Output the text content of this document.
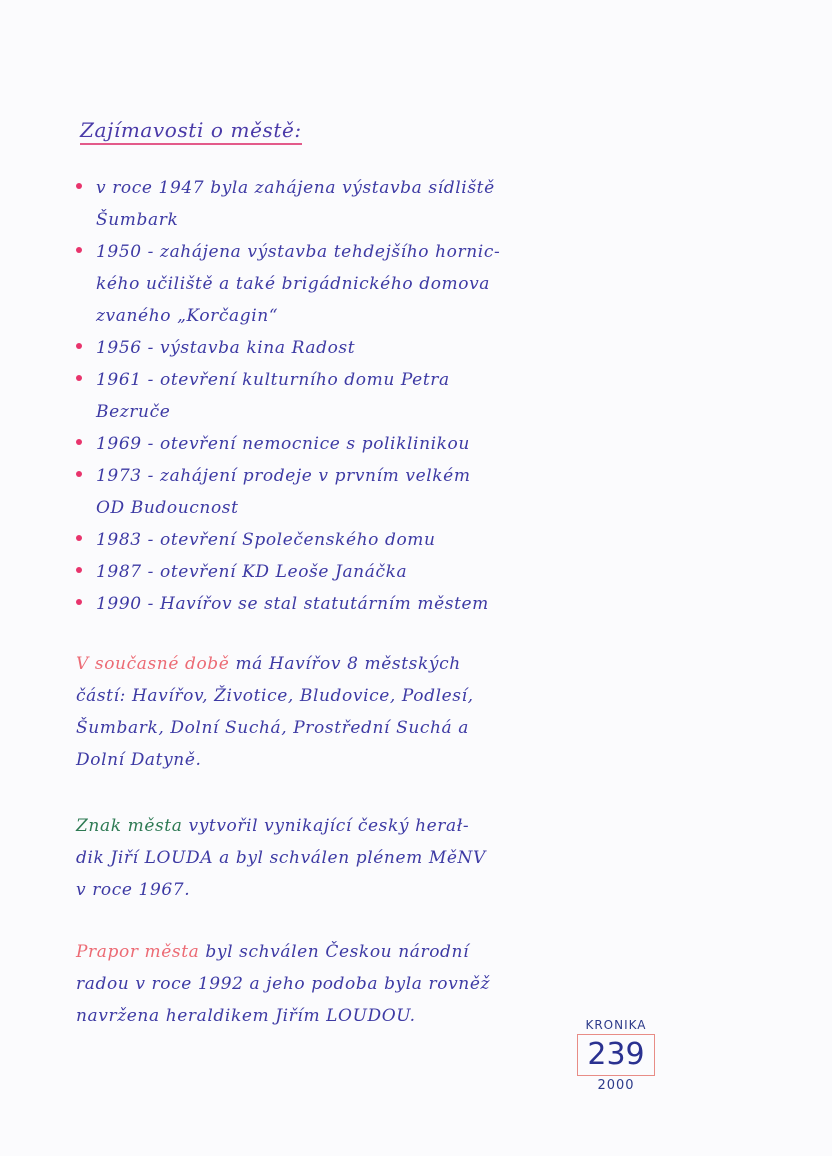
Zajímavosti o městě:
v roce 1947 byla zahájena výstavba sídliště
Šumbark
1950 - zahájena výstavba tehdejšího hornic-
kého učiliště a také brigádnického domova
zvaného „Korčagin“
1956 - výstavba kina Radost
1961 - otevření kulturního domu Petra
Bezruče
1969 - otevření nemocnice s poliklinikou
1973 - zahájení prodeje v prvním velkém
OD Budoucnost
1983 - otevření Společenského domu
1987 - otevření KD Leoše Janáčka
1990 - Havířov se stal statutárním městem
V současné době má Havířov 8 městských
částí: Havířov, Životice, Bludovice, Podlesí,
Šumbark, Dolní Suchá, Prostřední Suchá a
Dolní Datyně.
Znak města vytvořil vynikající český herał-
dik Jiří LOUDA a byl schválen plénem MěNV
v roce 1967.
Prapor města byl schválen Českou národní
radou v roce 1992 a jeho podoba byla rovněž
navržena heraldikem Jiřím LOUDOU.	KRONIKA
239
2000
